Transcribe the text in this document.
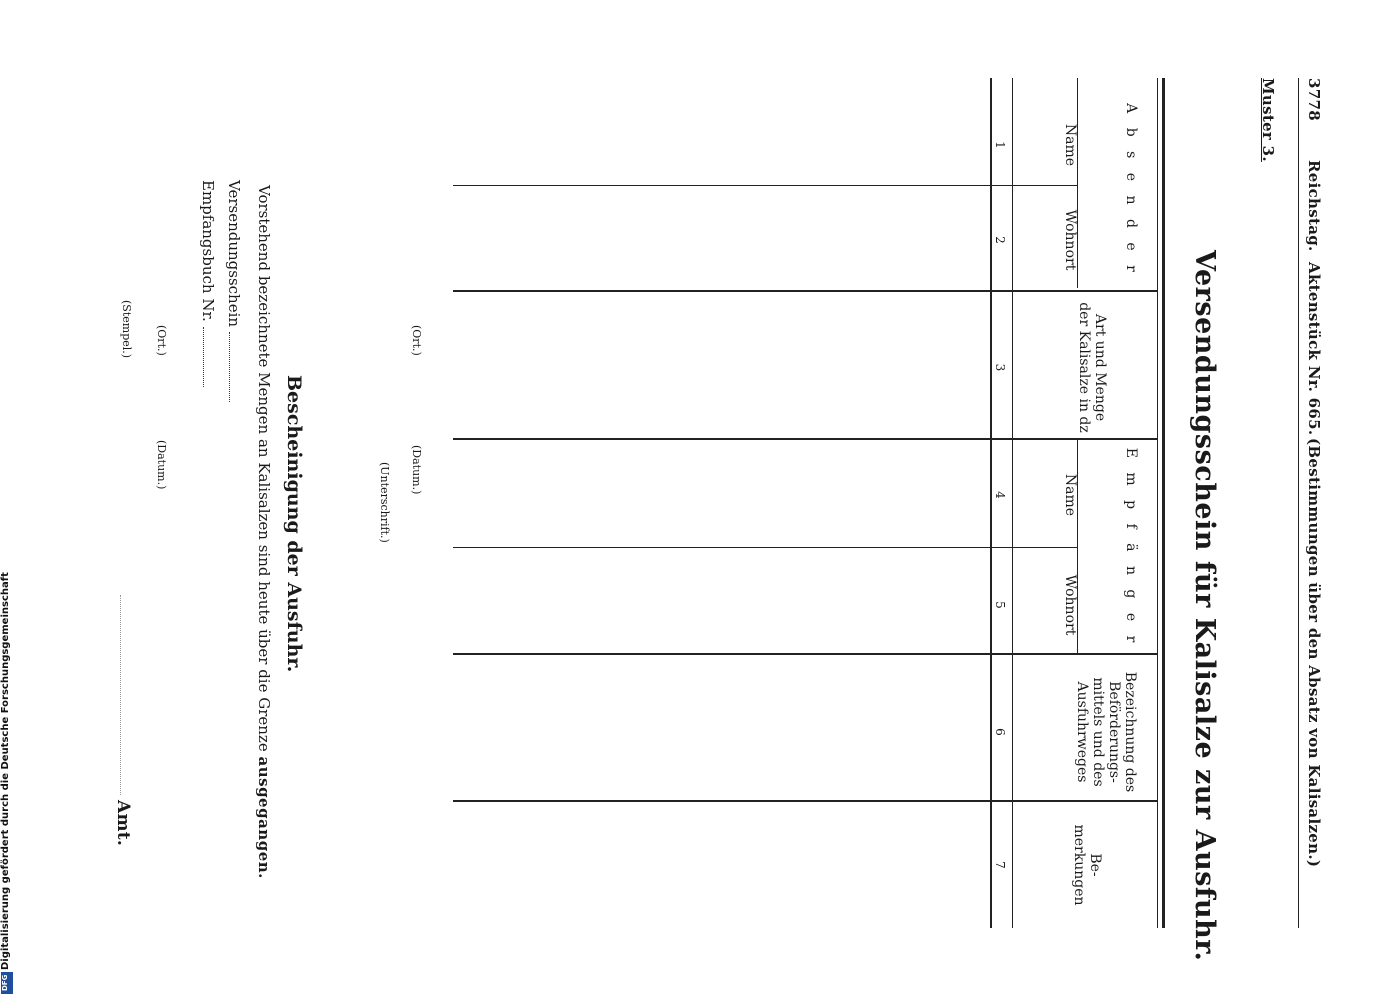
3778
Reichstag.
Aktenstück Nr. 665.
(Bestimmungen über den Absatz von Kalisalzen.)
Muster 3.
Versendungsschein für Kalisalze zur Ausfuhr.
A b s e n d e r
E m p f ä n g e r
Name
Wohnort
Art und Menge der Kalisalze in dz
Name
Wohnort
Bezeichnung des Beförderungs- mittels und des Ausfuhrweges
Be- merkungen
1
2
3
4
5
6
7
(Ort.)
(Datum.)
(Unterschrift.)
Bescheinigung der Ausfuhr.
Vorstehend bezeichnete Mengen an Kalisalzen sind heute über die Grenze ausgegangen.
Versendungsschein
Empfangsbuch Nr.
(Ort.)
(Datum.)
(Stempel.)
Amt.
Digitalisierung gefördert durch die Deutsche Forschungsgemeinschaft
DFG
